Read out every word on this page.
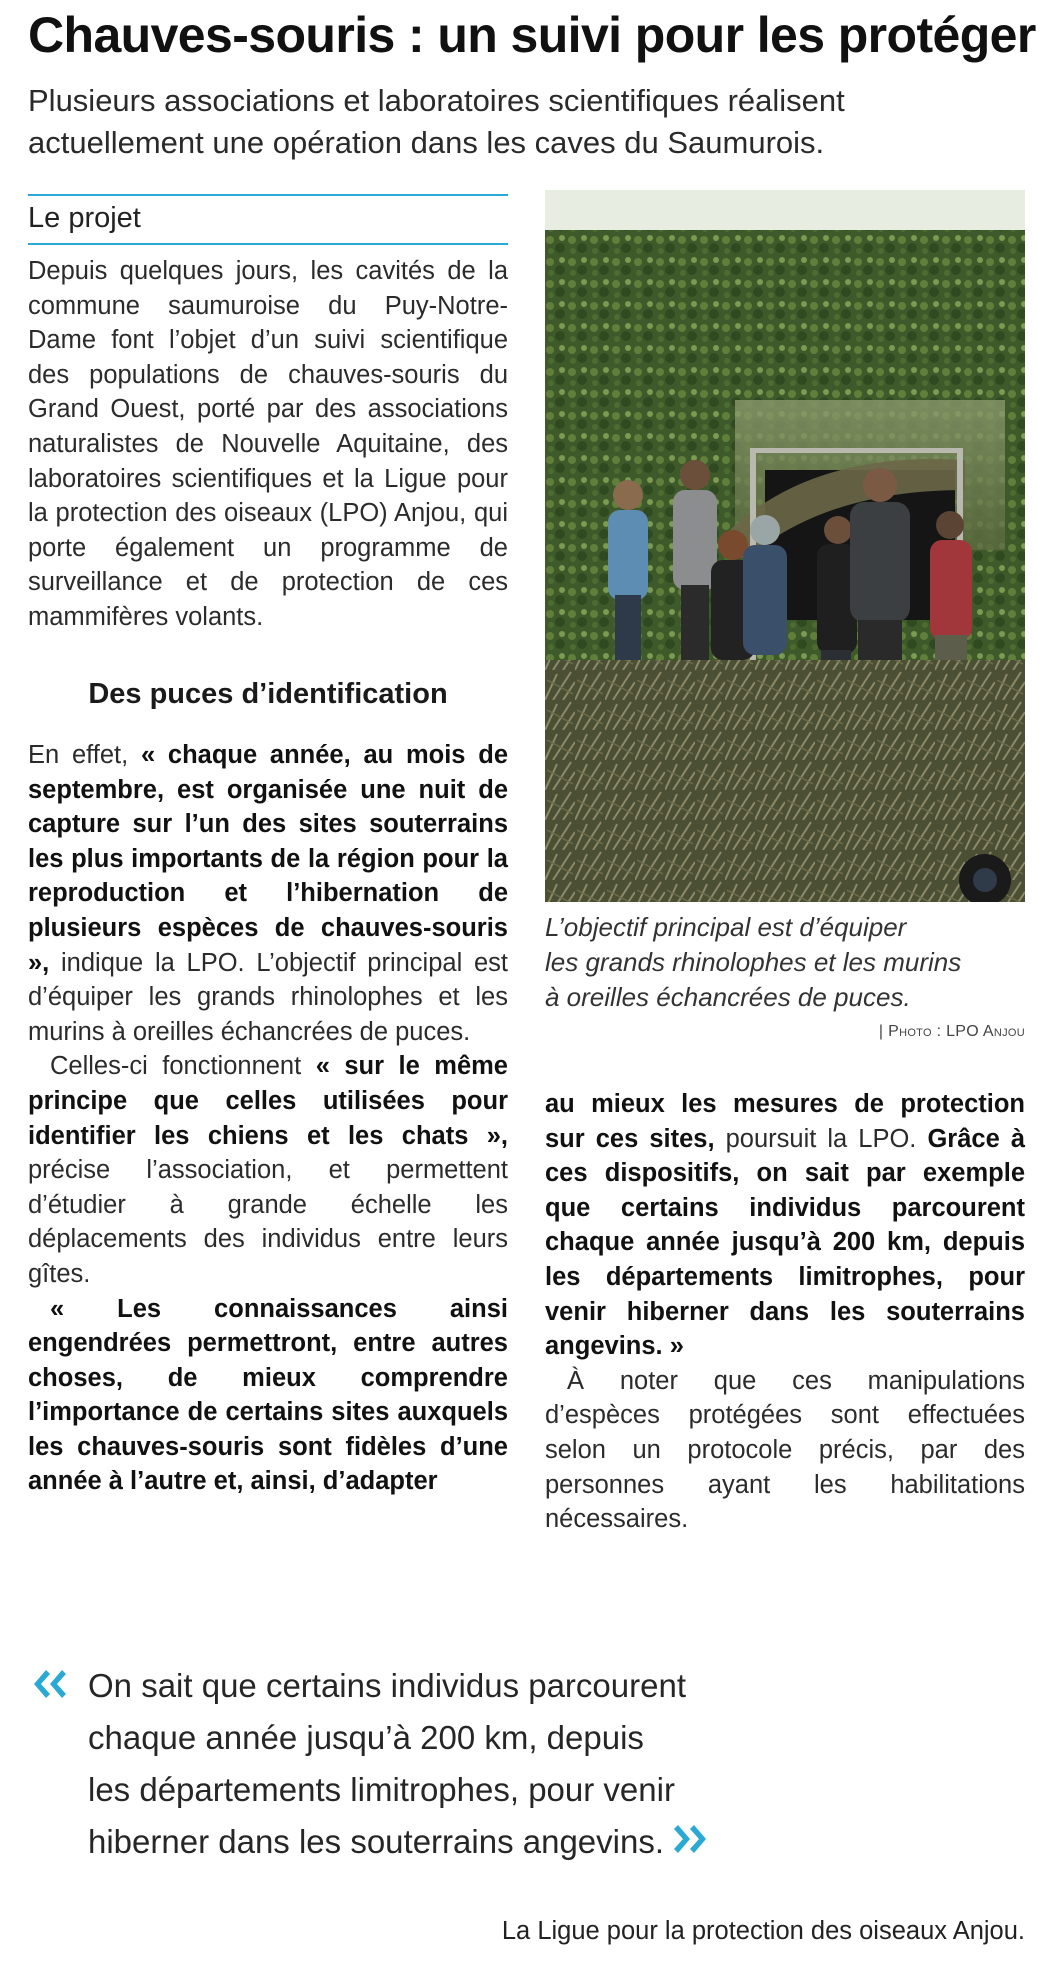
Chauves-souris : un suivi pour les protéger
Plusieurs associations et laboratoires scientifiques réalisent
actuellement une opération dans les caves du Saumurois.
Le projet

Depuis quelques jours, les cavités de la commune saumuroise du Puy-Notre-Dame font l’objet d’un suivi scientifique des populations de chauves-souris du Grand Ouest, porté par des associations naturalistes de Nouvelle Aquitaine, des laboratoires scientifiques et la Ligue pour la protection des oiseaux (LPO) Anjou, qui porte également un programme de surveillance et de protection de ces mammifères volants.

Des puces d’identification

En effet, « chaque année, au mois de septembre, est organisée une nuit de capture sur l’un des sites souterrains les plus importants de la région pour la reproduction et l’hibernation de plusieurs espèces de chauves-souris », indique la LPO. L’objectif principal est d’équiper les grands rhinolophes et les murins à oreilles échancrées de puces.

Celles-ci fonctionnent « sur le même principe que celles utilisées pour identifier les chiens et les chats », précise l’association, et permettent d’étudier à grande échelle les déplacements des individus entre leurs gîtes.

« Les connaissances ainsi engendrées permettront, entre autres choses, de mieux comprendre l’importance de certains sites auxquels les chauves-souris sont fidèles d’une année à l’autre et, ainsi, d’adapter

L’objectif principal est d’équiper
les grands rhinolophes et les murins
à oreilles échancrées de puces.
| Photo : LPO Anjou

au mieux les mesures de protection sur ces sites, poursuit la LPO. Grâce à ces dispositifs, on sait par exemple que certains individus parcourent chaque année jusqu’à 200 km, depuis les départements limitrophes, pour venir hiberner dans les souterrains angevins. »

À noter que ces manipulations d’espèces protégées sont effectuées selon un protocole précis, par des personnes ayant les habilitations nécessaires.

On sait que certains individus parcourent
chaque année jusqu’à 200 km, depuis
les départements limitrophes, pour venir
hiberner dans les souterrains angevins.
La Ligue pour la protection des oiseaux Anjou.
